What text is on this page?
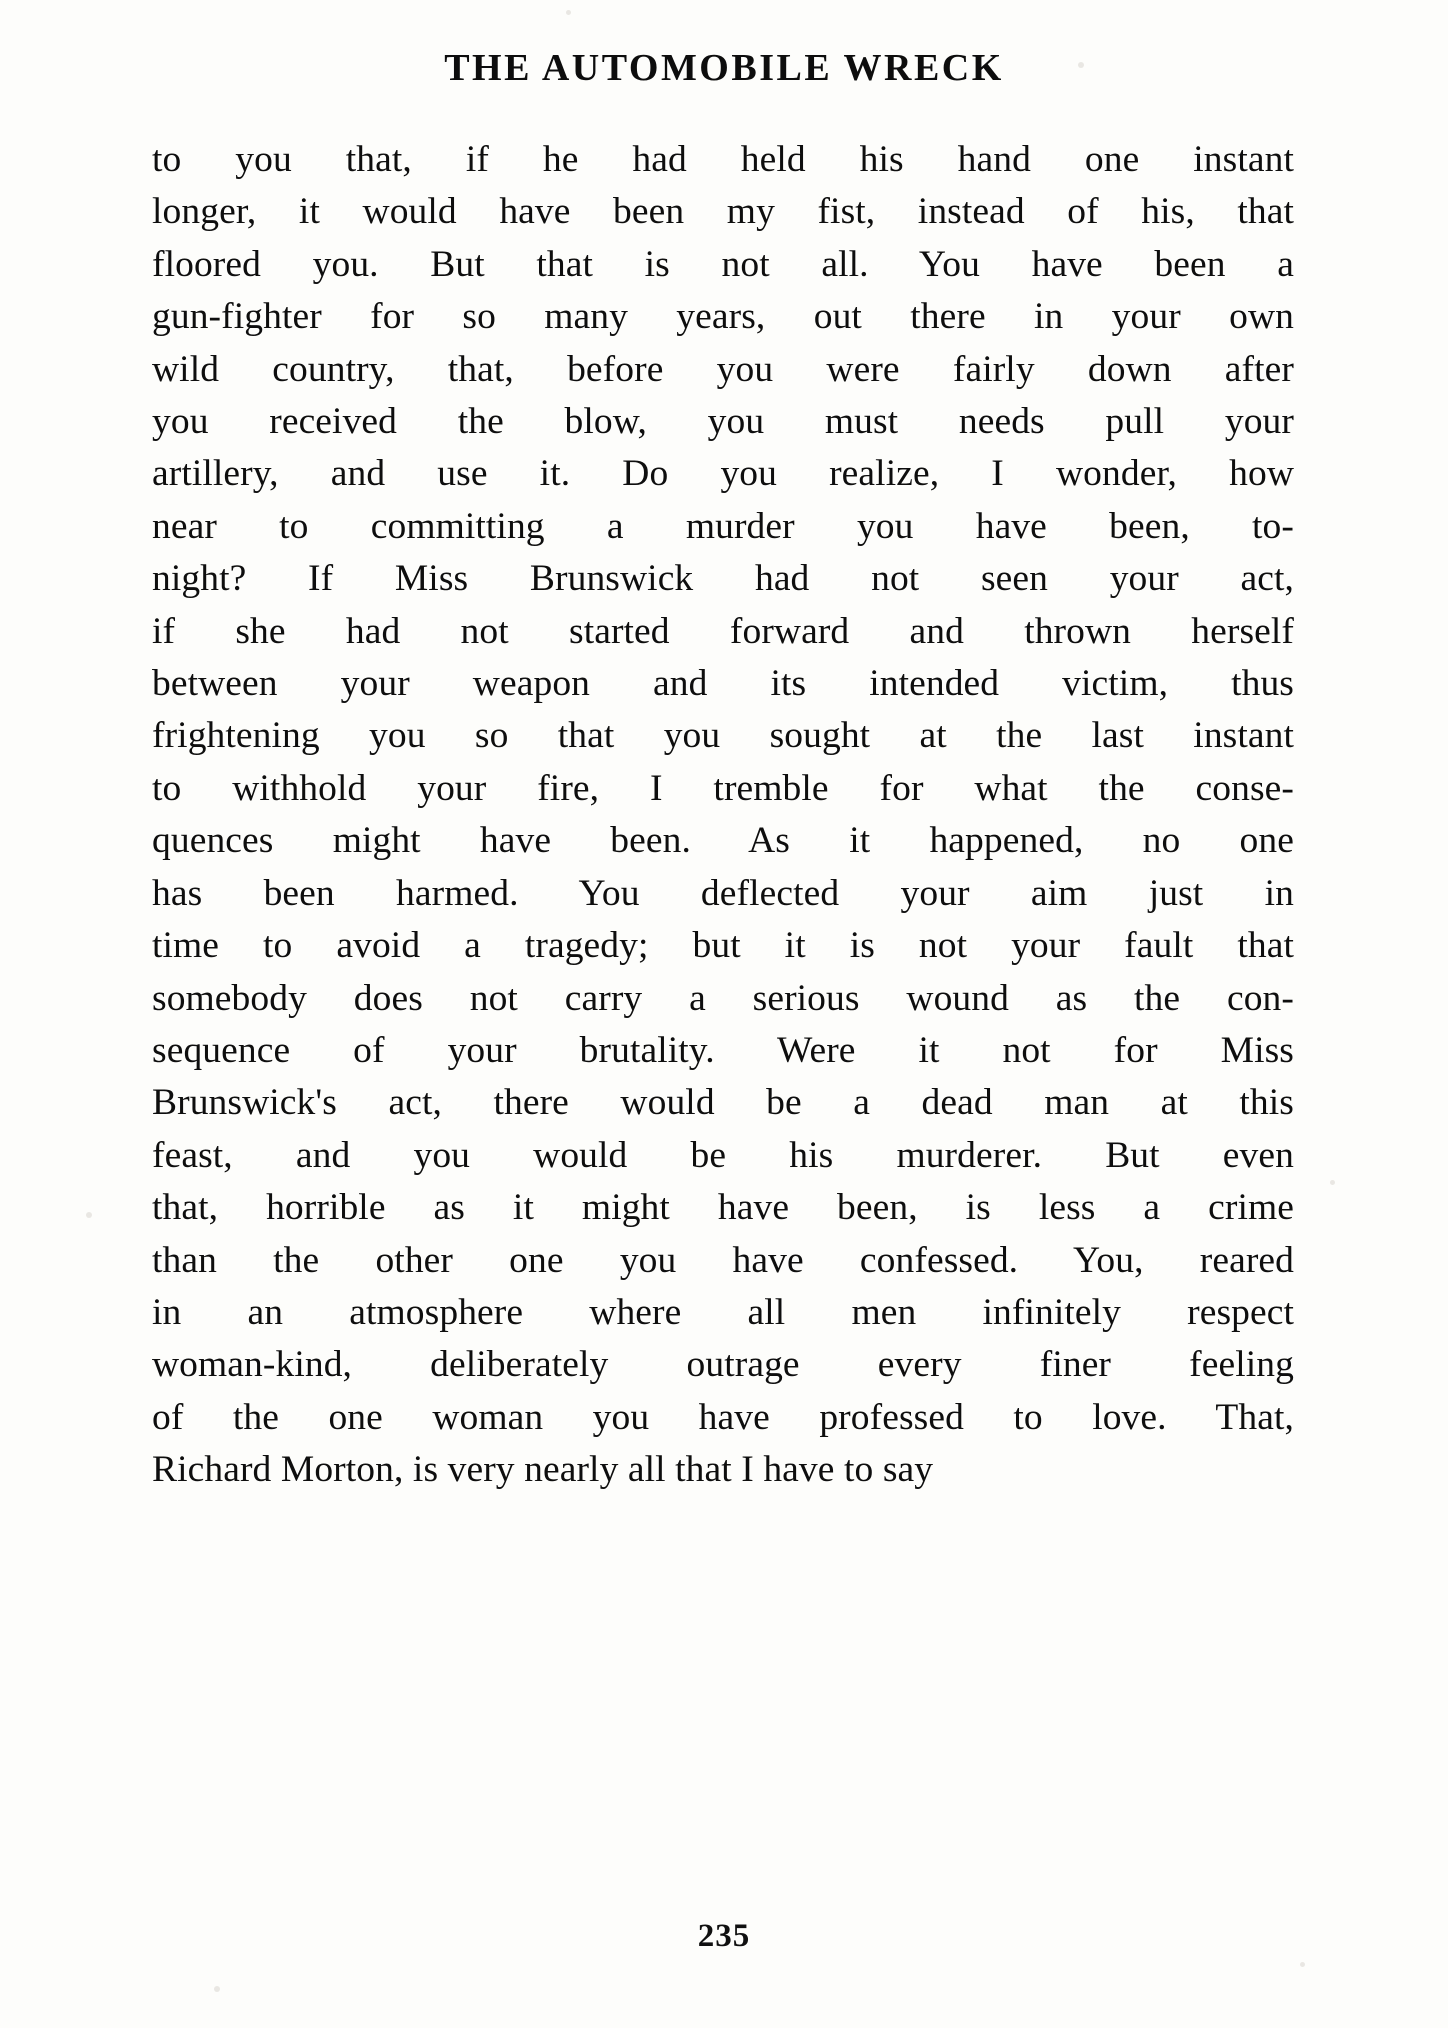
THE AUTOMOBILE WRECK

to you that, if he had held his hand one instant
longer, it would have been my fist, instead of his, that
floored you. But that is not all. You have been a
gun-fighter for so many years, out there in your own
wild country, that, before you were fairly down after
you received the blow, you must needs pull your
artillery, and use it. Do you realize, I wonder, how
near to committing a murder you have been, to-
night? If Miss Brunswick had not seen your act,
if she had not started forward and thrown herself
between your weapon and its intended victim, thus
frightening you so that you sought at the last instant
to withhold your fire, I tremble for what the conse-
quences might have been. As it happened, no one
has been harmed. You deflected your aim just in
time to avoid a tragedy; but it is not your fault that
somebody does not carry a serious wound as the con-
sequence of your brutality. Were it not for Miss
Brunswick's act, there would be a dead man at this
feast, and you would be his murderer. But even
that, horrible as it might have been, is less a crime
than the other one you have confessed. You, reared
in an atmosphere where all men infinitely respect
woman-kind, deliberately outrage every finer feeling
of the one woman you have professed to love. That,
Richard Morton, is very nearly all that I have to say

235
